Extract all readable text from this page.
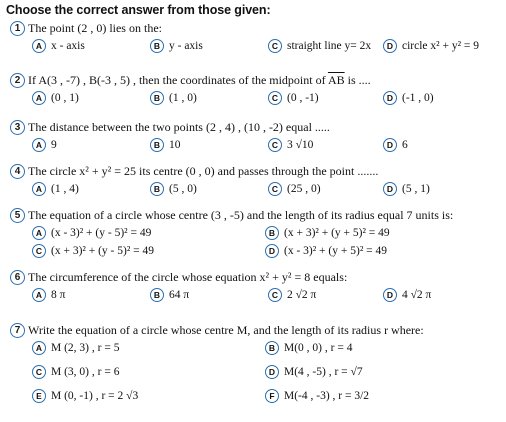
Choose the correct answer from those given:
1 The point (2 , 0) lies on the:
A x - axis	B y - axis	C straight line y= 2x	D circle x² + y² = 9
2 If A(3 , -7) , B(-3 , 5) , then the coordinates of the midpoint of $\overline{AB}$ is ....
A (0 , 1)	B (1 , 0)	C (0 , -1)	D (-1 , 0)
3 The distance between the two points (2 , 4) , (10 , -2) equal .....
A 9	B 10	C 3 √10	D 6
4 The circle x² + y² = 25 its centre (0 , 0) and passes through the point .......
A (1 , 4)	B (5 , 0)	C (25 , 0)	D (5 , 1)
5 The equation of a circle whose centre (3 , -5) and the length of its radius equal 7 units is:
A (x - 3)² + (y - 5)² = 49	B (x + 3)² + (y + 5)² = 49
C (x + 3)² + (y - 5)² = 49	D (x - 3)² + (y + 5)² = 49
6 The circumference of the circle whose equation x² + y² = 8 equals:
A 8 π	B 64 π	C 2 √2 π	D 4 √2 π
7 Write the equation of a circle whose centre M, and the length of its radius r where:
A M (2, 3) , r = 5	B M(0 , 0) , r = 4
C M (3, 0) , r = 6	D M(4 , -5) , r = √7
E M (0, -1) , r = 2 √3	F M(-4 , -3) , r = 3/2
